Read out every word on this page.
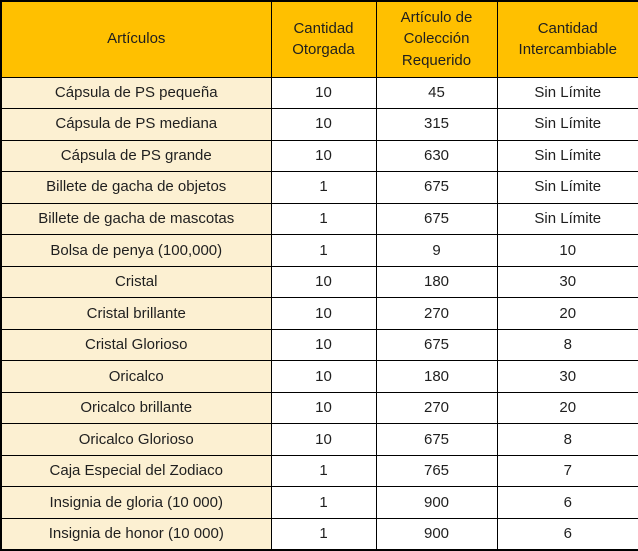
Artículos	Cantidad Otorgada	Artículo de Colección Requerido	Cantidad Intercambiable
Cápsula de PS pequeña	10	45	Sin Límite
Cápsula de PS mediana	10	315	Sin Límite
Cápsula de PS grande	10	630	Sin Límite
Billete de gacha de objetos	1	675	Sin Límite
Billete de gacha de mascotas	1	675	Sin Límite
Bolsa de penya (100,000)	1	9	10
Cristal	10	180	30
Cristal brillante	10	270	20
Cristal Glorioso	10	675	8
Oricalco	10	180	30
Oricalco brillante	10	270	20
Oricalco Glorioso	10	675	8
Caja Especial del Zodiaco	1	765	7
Insignia de gloria (10 000)	1	900	6
Insignia de honor (10 000)	1	900	6
